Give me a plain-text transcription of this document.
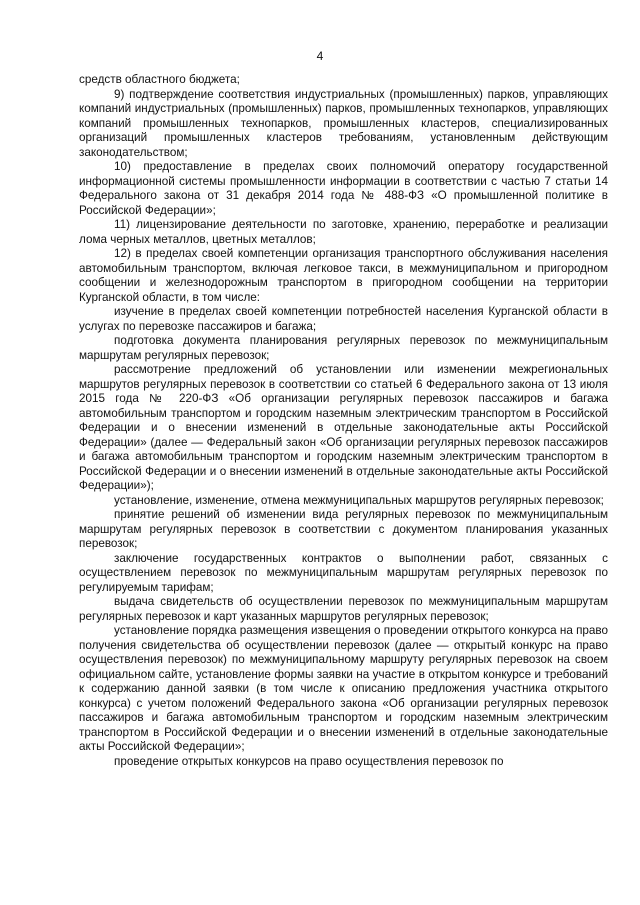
4

средств областного бюджета;

9) подтверждение соответствия индустриальных (промышленных) парков, управляющих компаний индустриальных (промышленных) парков, промышленных технопарков, управляющих компаний промышленных технопарков, промышленных кластеров, специализированных организаций промышленных кластеров требованиям, установленным действующим законодательством;

10) предоставление в пределах своих полномочий оператору государственной информационной системы промышленности информации в соответствии с частью 7 статьи 14 Федерального закона от 31 декабря 2014 года № 488-ФЗ «О промышленной политике в Российской Федерации»;

11) лицензирование деятельности по заготовке, хранению, переработке и реализации лома черных металлов, цветных металлов;

12) в пределах своей компетенции организация транспортного обслуживания населения автомобильным транспортом, включая легковое такси, в межмуниципальном и пригородном сообщении и железнодорожным транспортом в пригородном сообщении на территории Курганской области, в том числе:

изучение в пределах своей компетенции потребностей населения Курганской области в услугах по перевозке пассажиров и багажа;

подготовка документа планирования регулярных перевозок по межмуниципальным маршрутам регулярных перевозок;

рассмотрение предложений об установлении или изменении межрегиональных маршрутов регулярных перевозок в соответствии со статьей 6 Федерального закона от 13 июля 2015 года № 220-ФЗ «Об организации регулярных перевозок пассажиров и багажа автомобильным транспортом и городским наземным электрическим транспортом в Российской Федерации и о внесении изменений в отдельные законодательные акты Российской Федерации» (далее — Федеральный закон «Об организации регулярных перевозок пассажиров и багажа автомобильным транспортом и городским наземным электрическим транспортом в Российской Федерации и о внесении изменений в отдельные законодательные акты Российской Федерации»);

установление, изменение, отмена межмуниципальных маршрутов регулярных перевозок;

принятие решений об изменении вида регулярных перевозок по межмуниципальным маршрутам регулярных перевозок в соответствии с документом планирования указанных перевозок;

заключение государственных контрактов о выполнении работ, связанных с осуществлением перевозок по межмуниципальным маршрутам регулярных перевозок по регулируемым тарифам;

выдача свидетельств об осуществлении перевозок по межмуниципальным маршрутам регулярных перевозок и карт указанных маршрутов регулярных перевозок;

установление порядка размещения извещения о проведении открытого конкурса на право получения свидетельства об осуществлении перевозок (далее — открытый конкурс на право осуществления перевозок) по межмуниципальному маршруту регулярных перевозок на своем официальном сайте, установление формы заявки на участие в открытом конкурсе и требований к содержанию данной заявки (в том числе к описанию предложения участника открытого конкурса) с учетом положений Федерального закона «Об организации регулярных перевозок пассажиров и багажа автомобильным транспортом и городским наземным электрическим транспортом в Российской Федерации и о внесении изменений в отдельные законодательные акты Российской Федерации»;

проведение открытых конкурсов на право осуществления перевозок по
